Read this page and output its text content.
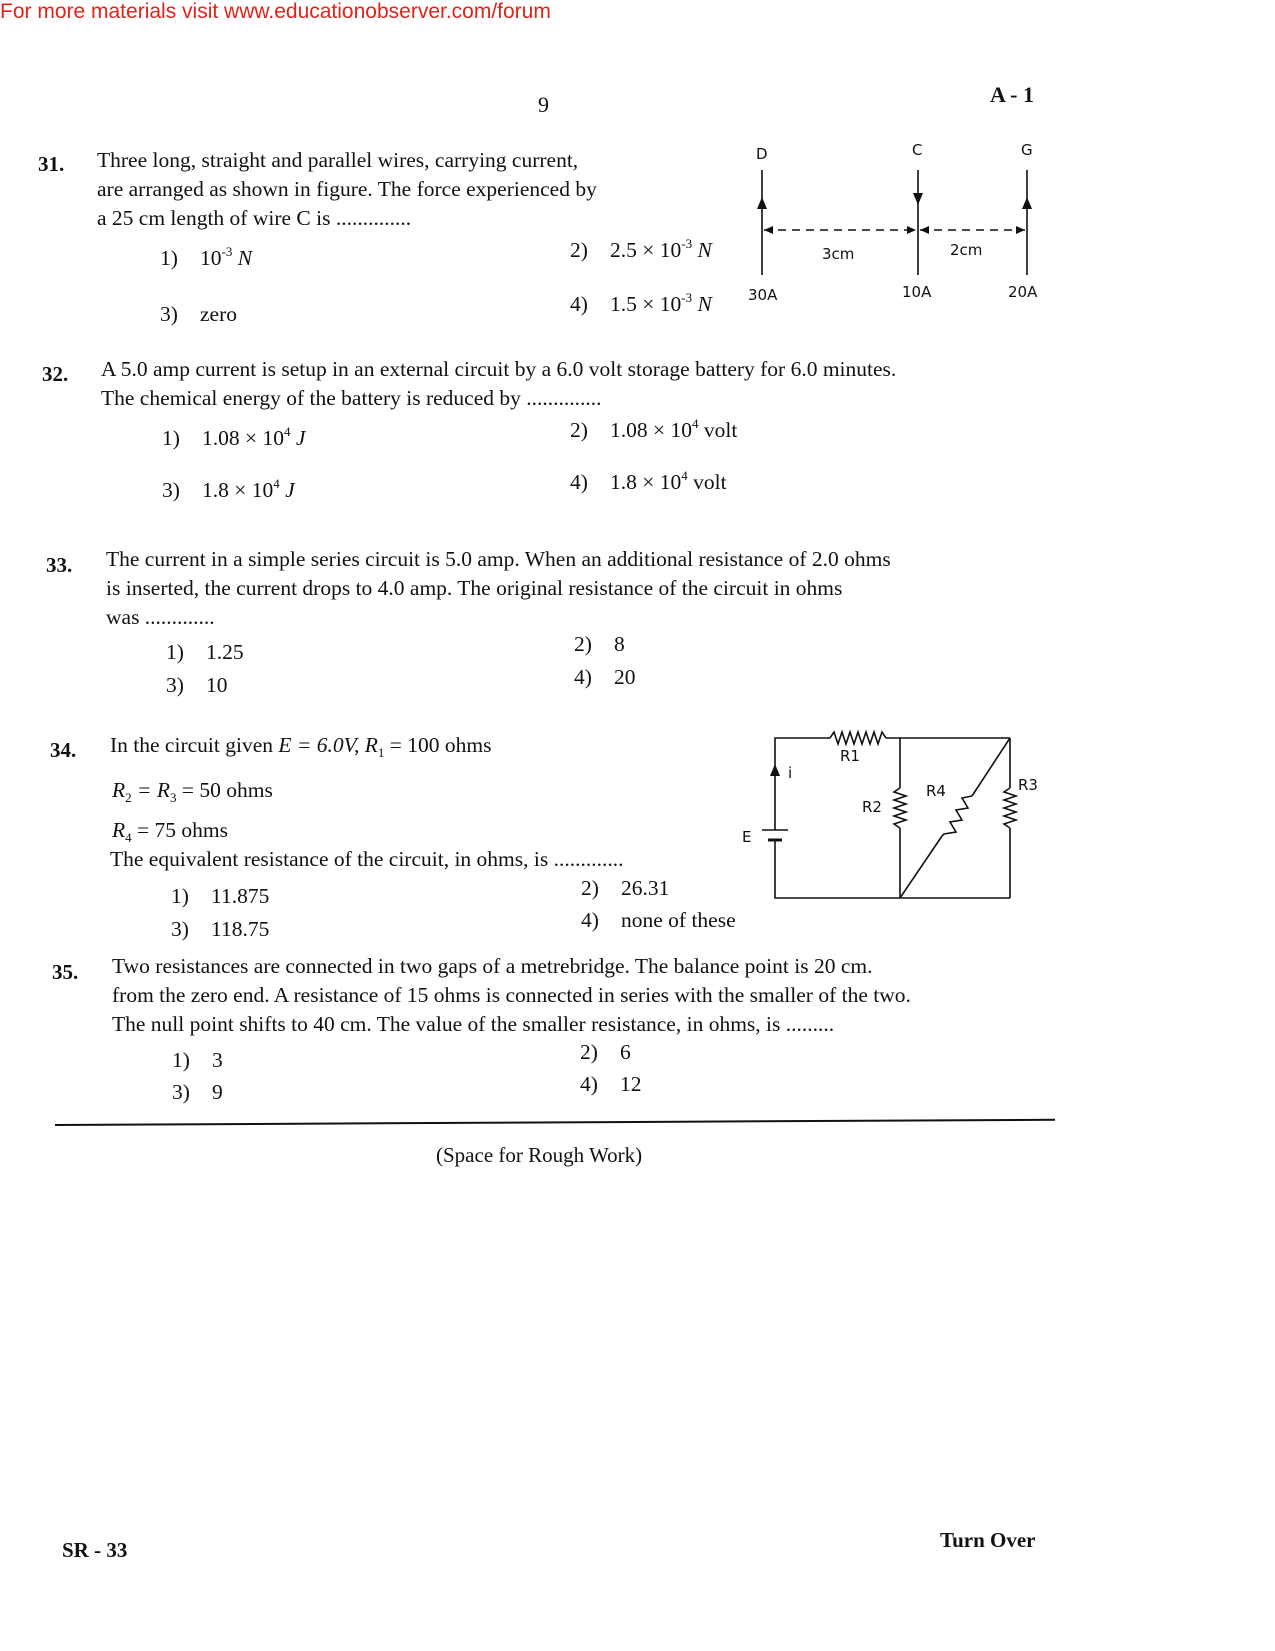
For more materials visit www.educationobserver.com/forum
9	A - 1
31. Three long, straight and parallel wires, carrying current,
are arranged as shown in figure. The force experienced by
a 25 cm length of wire C is ..............
1) $10^{-3}$ N	2) $2.5 \times 10^{-3}$ N
3) zero	4) $1.5 \times 10^{-3}$ N
D	C	G
3cm	2cm
30A	10A	20A
32. A 5.0 amp current is setup in an external circuit by a 6.0 volt storage battery for 6.0 minutes.
The chemical energy of the battery is reduced by ..............
1) $1.08 \times 10^4$ J	2) $1.08 \times 10^4$ volt
3) $1.8 \times 10^4$ J	4) $1.8 \times 10^4$ volt
33. The current in a simple series circuit is 5.0 amp. When an additional resistance of 2.0 ohms
is inserted, the current drops to 4.0 amp. The original resistance of the circuit in ohms
was .............
1) 1.25	2) 8
3) 10	4) 20
34. In the circuit given E = 6.0V, $R_1 = 100$ ohms
$R_2 = R_3 = 50$ ohms
$R_4 = 75$ ohms
The equivalent resistance of the circuit, in ohms, is .............
1) 11.875	2) 26.31
3) 118.75	4) none of these
i
E
R1
R2
R4	R3
35. Two resistances are connected in two gaps of a metrebridge. The balance point is 20 cm.
from the zero end. A resistance of 15 ohms is connected in series with the smaller of the two.
The null point shifts to 40 cm. The value of the smaller resistance, in ohms, is .........
1) 3	2) 6
3) 9	4) 12
(Space for Rough Work)
SR - 33	Turn Over
